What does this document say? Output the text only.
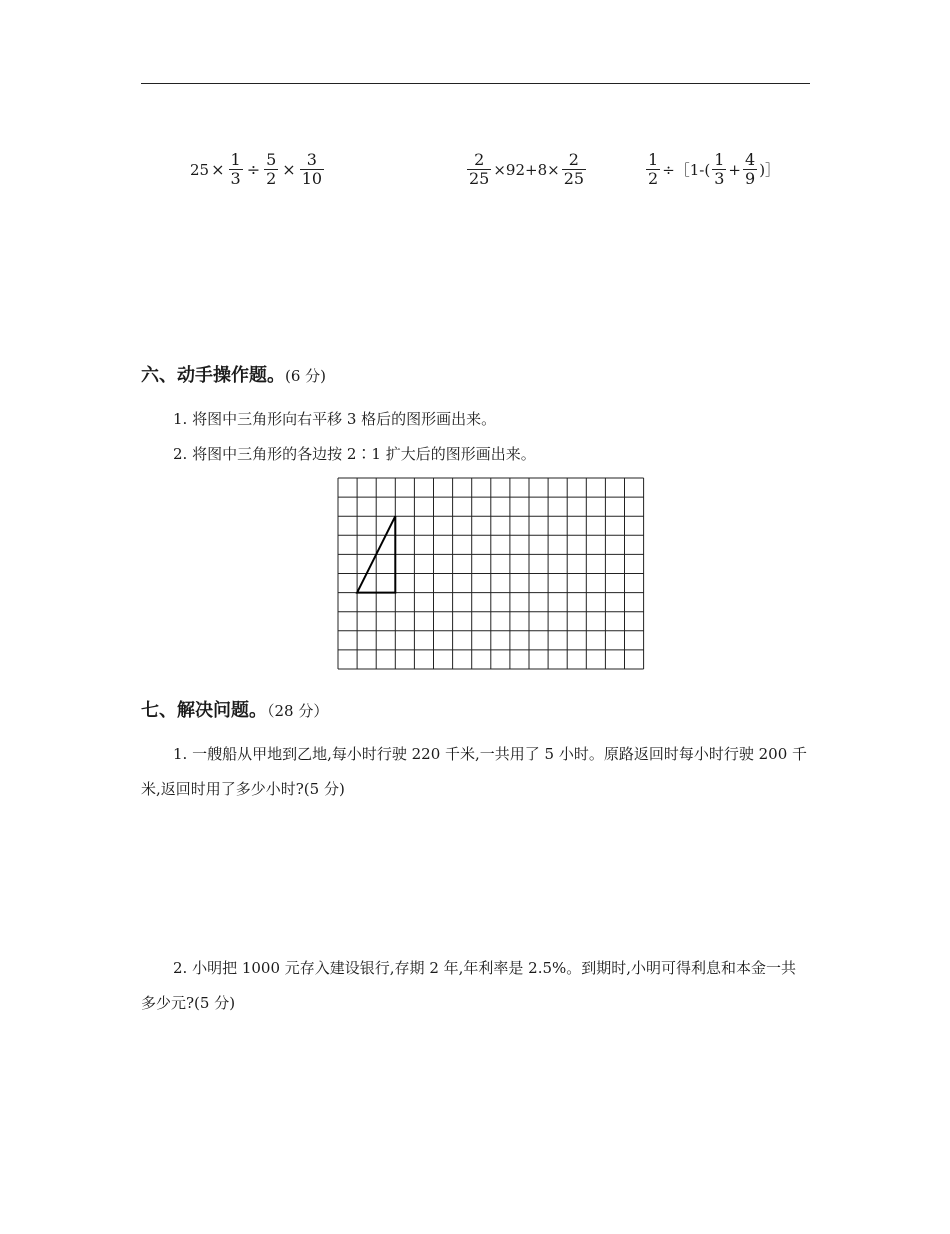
$25 \times \frac{1}{3} \div \frac{5}{2} \times \frac{3}{10}$	$\frac{2}{25} \times 92+8\times \frac{2}{25}$	$\frac{1}{2}$ ÷［1-( $\frac{1}{3} + \frac{4}{9}$ )］
六、动手操作题。(6 分)
1. 将图中三角形向右平移 3 格后的图形画出来。
2. 将图中三角形的各边按 2∶1 扩大后的图形画出来。
七、解决问题。（28 分）
1. 一艘船从甲地到乙地,每小时行驶 220 千米,一共用了 5 小时。原路返回时每小时行驶 200 千米,返回时用了多少小时?(5 分)
2. 小明把 1000 元存入建设银行,存期 2 年,年利率是 2.5%。到期时,小明可得利息和本金一共多少元?(5 分)
